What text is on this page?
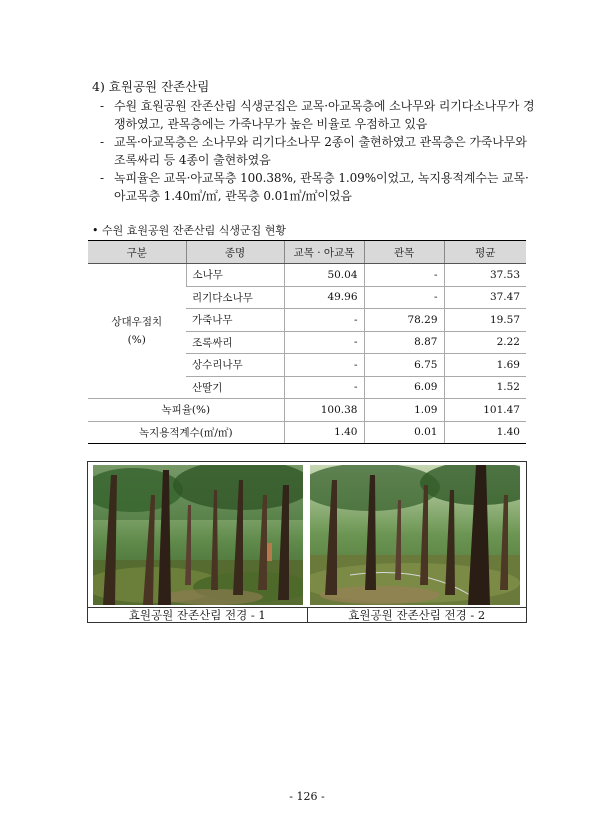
4) 효원공원 잔존산림
- 수원 효원공원 잔존산림 식생군집은 교목·아교목층에 소나무와 리기다소나무가 경쟁하였고, 관목층에는 가죽나무가 높은 비율로 우점하고 있음
- 교목·아교목층은 소나무와 리기다소나무 2종이 출현하였고 관목층은 가죽나무와 조록싸리 등 4종이 출현하였음
- 녹피율은 교목·아교목층 100.38%, 관목층 1.09%이었고, 녹지용적계수는 교목·아교목층 1.40㎥/㎡, 관목층 0.01㎥/㎡이었음
• 수원 효원공원 잔존산림 식생군집 현황
구분	종명	교목 · 아교목	관목	평균
상대우점치
(%)	소나무	50.04	-	37.53
	리기다소나무	49.96	-	37.47
	가죽나무	-	78.29	19.57
	조록싸리	-	8.87	2.22
	상수리나무	-	6.75	1.69
	산딸기	-	6.09	1.52
녹피율(%)		100.38	1.09	101.47
녹지용적계수(㎥/㎡)		1.40	0.01	1.40
효원공원 잔존산림 전경 - 1	효원공원 잔존산림 전경 - 2
- 126 -
